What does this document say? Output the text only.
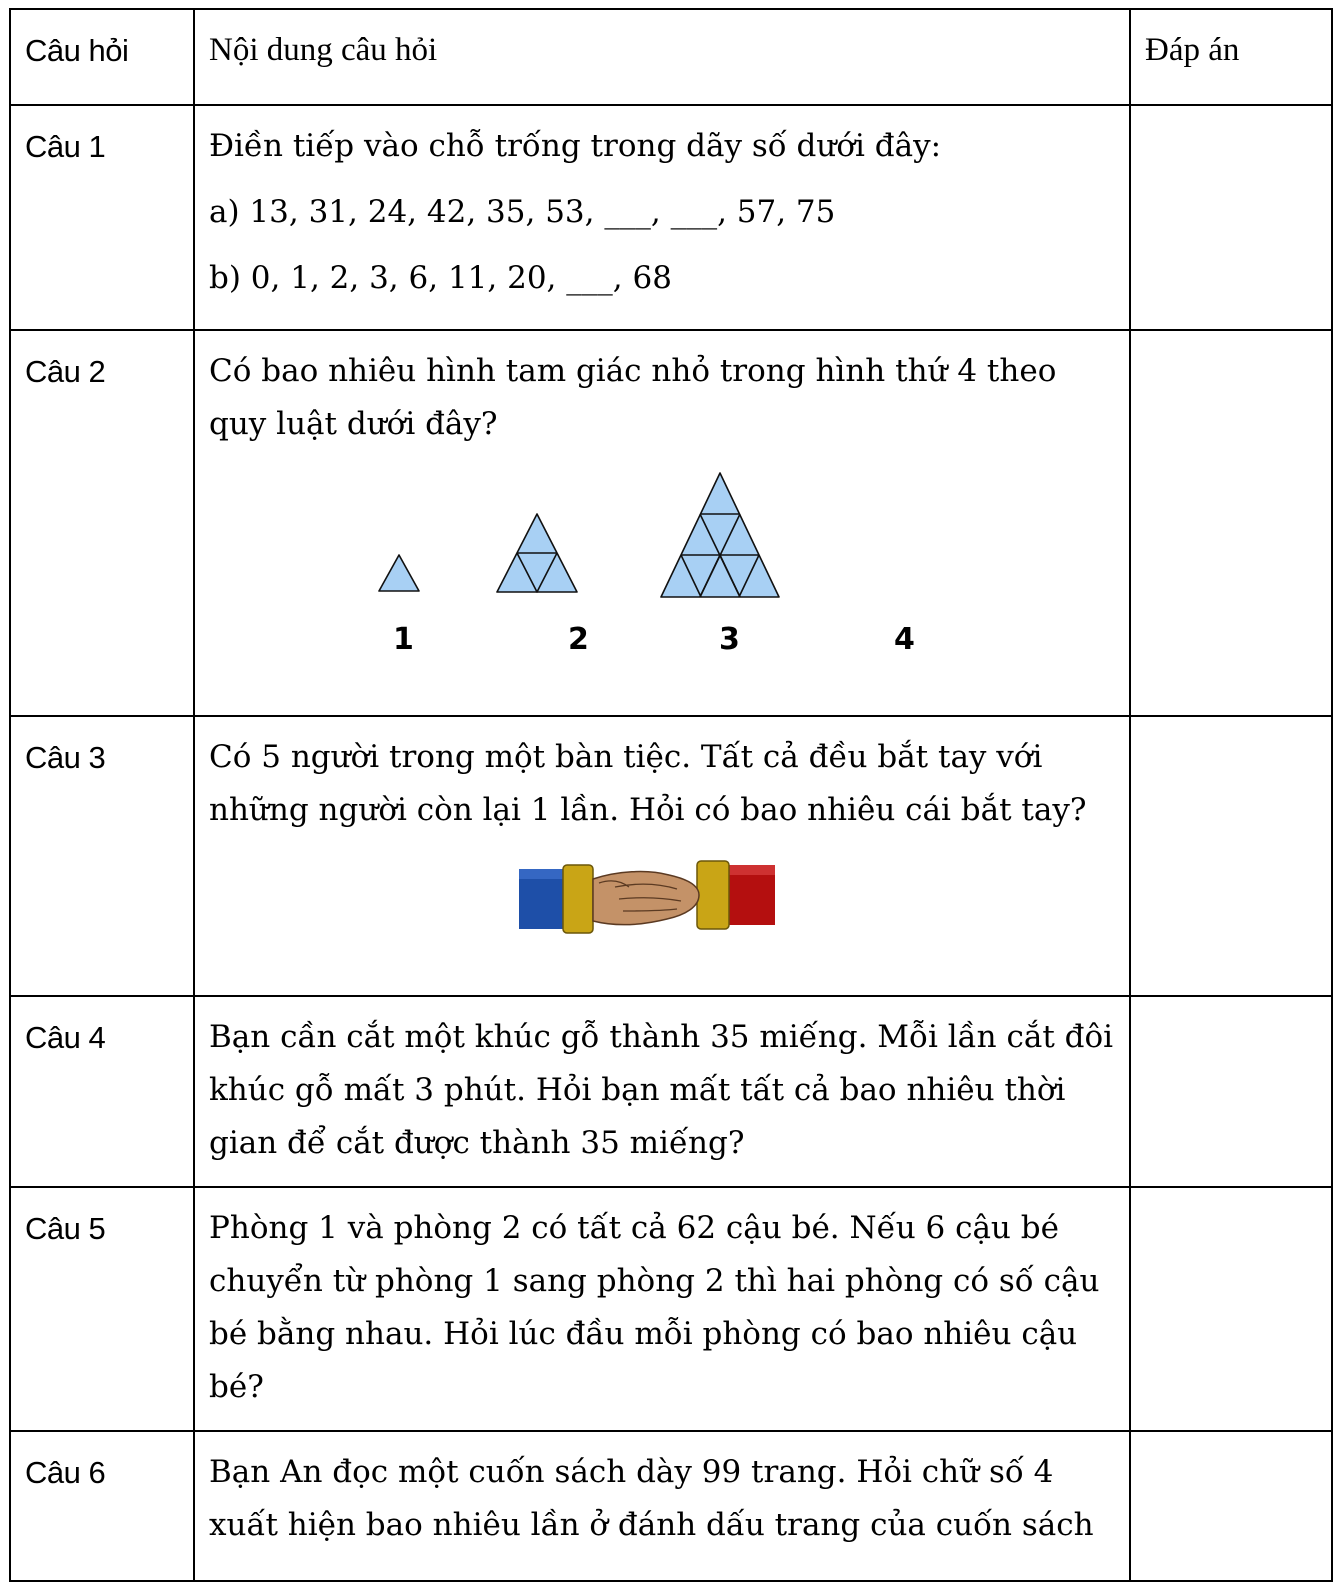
Câu hỏi	Nội dung câu hỏi	Đáp án
Câu 1	Điền tiếp vào chỗ trống trong dãy số dưới đây:
a) 13, 31, 24, 42, 35, 53, ___, ___, 57, 75
b) 0, 1, 2, 3, 6, 11, 20, ___, 68	

Câu 2	Có bao nhiêu hình tam giác nhỏ trong hình thứ 4 theo quy luật dưới đây?
1 2 3 4	

Câu 3	Có 5 người trong một bàn tiệc. Tất cả đều bắt tay với những người còn lại 1 lần. Hỏi có bao nhiêu cái bắt tay?	

Câu 4	Bạn cần cắt một khúc gỗ thành 35 miếng. Mỗi lần cắt đôi khúc gỗ mất 3 phút. Hỏi bạn mất tất cả bao nhiêu thời gian để cắt được thành 35 miếng?	

Câu 5	Phòng 1 và phòng 2 có tất cả 62 cậu bé. Nếu 6 cậu bé chuyển từ phòng 1 sang phòng 2 thì hai phòng có số cậu bé bằng nhau. Hỏi lúc đầu mỗi phòng có bao nhiêu cậu bé?	

Câu 6	Bạn An đọc một cuốn sách dày 99 trang. Hỏi chữ số 4 xuất hiện bao nhiêu lần ở đánh dấu trang của cuốn sách	
